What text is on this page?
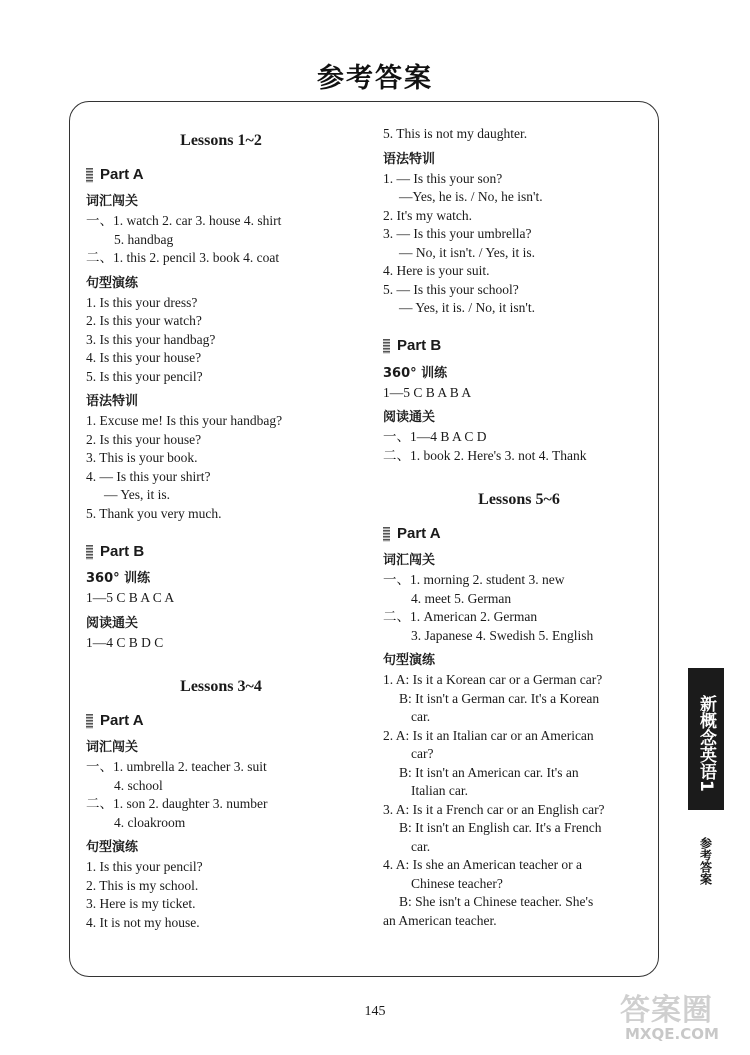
参考答案
Lessons 1~2
Part A
词汇闯关
一、1. watch 2. car 3. house 4. shirt
5. handbag
二、1. this 2. pencil 3. book 4. coat
句型演练
1. Is this your dress?
2. Is this your watch?
3. Is this your handbag?
4. Is this your house?
5. Is this your pencil?
语法特训
1. Excuse me! Is this your handbag?
2. Is this your house?
3. This is your book.
4. — Is this your shirt?
— Yes, it is.
5. Thank you very much.
Part B
360° 训练
1—5 C B A C A
阅读通关
1—4 C B D C
Lessons 3~4
Part A
词汇闯关
一、1. umbrella 2. teacher 3. suit
4. school
二、1. son 2. daughter 3. number
4. cloakroom
句型演练
1. Is this your pencil?
2. This is my school.
3. Here is my ticket.
4. It is not my house.
5. This is not my daughter.
语法特训
1. — Is this your son?
—Yes, he is. / No, he isn't.
2. It's my watch.
3. — Is this your umbrella?
— No, it isn't. / Yes, it is.
4. Here is your suit.
5. — Is this your school?
— Yes, it is. / No, it isn't.
Part B
360° 训练
1—5 C B A B A
阅读通关
一、1—4 B A C D
二、1. book 2. Here's 3. not 4. Thank
Lessons 5~6
Part A
词汇闯关
一、1. morning 2. student 3. new
4. meet 5. German
二、1. American 2. German
3. Japanese 4. Swedish 5. English
句型演练
1. A: Is it a Korean car or a German car?
B: It isn't a German car. It's a Korean
car.
2. A: Is it an Italian car or an American
car?
B: It isn't an American car. It's an
Italian car.
3. A: Is it a French car or an English car?
B: It isn't an English car. It's a French
car.
4. A: Is she an American teacher or a
Chinese teacher?
B: She isn't a Chinese teacher. She's
an American teacher.
新概念英语1
参考答案
145	答案圈
MXQE.COM
